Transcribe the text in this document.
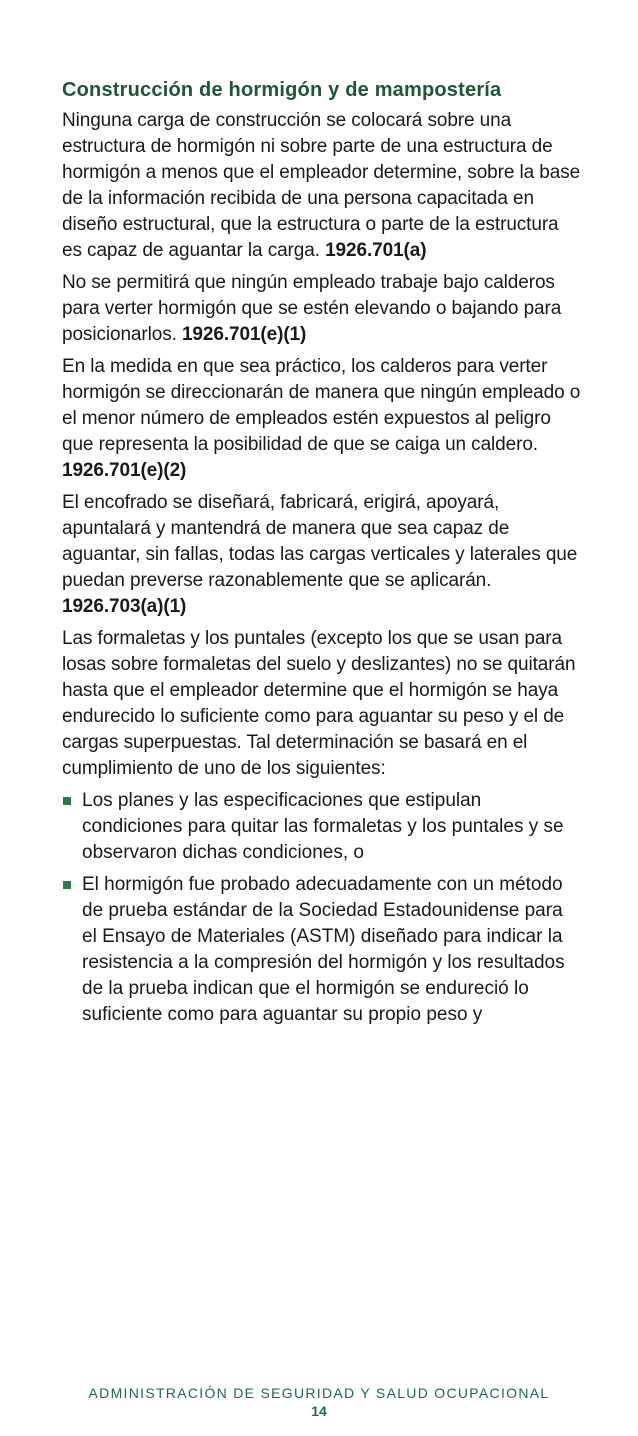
Construcción de hormigón y de mampostería

Ninguna carga de construcción se colocará sobre una estructura de hormigón ni sobre parte de una estructura de hormigón a menos que el empleador determine, sobre la base de la información recibida de una persona capacitada en diseño estructural, que la estructura o parte de la estructura es capaz de aguantar la carga. 1926.701(a)

No se permitirá que ningún empleado trabaje bajo calderos para verter hormigón que se estén elevando o bajando para posicionarlos. 1926.701(e)(1)

En la medida en que sea práctico, los calderos para verter hormigón se direccionarán de manera que ningún empleado o el menor número de empleados estén expuestos al peligro que representa la posibilidad de que se caiga un caldero. 1926.701(e)(2)

El encofrado se diseñará, fabricará, erigirá, apoyará, apuntalará y mantendrá de manera que sea capaz de aguantar, sin fallas, todas las cargas verticales y laterales que puedan preverse razonablemente que se aplicarán. 1926.703(a)(1)

Las formaletas y los puntales (excepto los que se usan para losas sobre formaletas del suelo y deslizantes) no se quitarán hasta que el empleador determine que el hormigón se haya endurecido lo suficiente como para aguantar su peso y el de cargas superpuestas. Tal determinación se basará en el cumplimiento de uno de los siguientes:

Los planes y las especificaciones que estipulan condiciones para quitar las formaletas y los puntales y se observaron dichas condiciones, o
El hormigón fue probado adecuadamente con un método de prueba estándar de la Sociedad Estadounidense para el Ensayo de Materiales (ASTM) diseñado para indicar la resistencia a la compresión del hormigón y los resultados de la prueba indican que el hormigón se endureció lo suficiente como para aguantar su propio peso y
ADMINISTRACIÓN DE SEGURIDAD Y SALUD OCUPACIONAL
14
